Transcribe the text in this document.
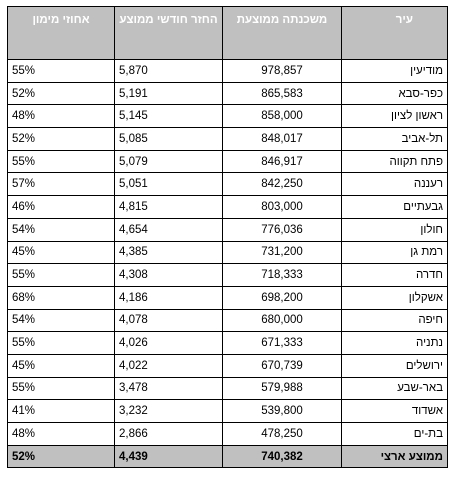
עיר	משכנתה ממוצעת	החזר חודשי ממוצע	אחוזי מימון
מודיעין	978,857	5,870	55%
כפר-סבא	865,583	5,191	52%
ראשון לציון	858,000	5,145	48%
תל-אביב	848,017	5,085	52%
פתח תקווה	846,917	5,079	55%
רעננה	842,250	5,051	57%
גבעתיים	803,000	4,815	46%
חולון	776,036	4,654	54%
רמת גן	731,200	4,385	45%
חדרה	718,333	4,308	55%
אשקלון	698,200	4,186	68%
חיפה	680,000	4,078	54%
נתניה	671,333	4,026	55%
ירושלים	670,739	4,022	45%
באר-שבע	579,988	3,478	55%
אשדוד	539,800	3,232	41%
בת-ים	478,250	2,866	48%
ממוצע ארצי	740,382	4,439	52%
